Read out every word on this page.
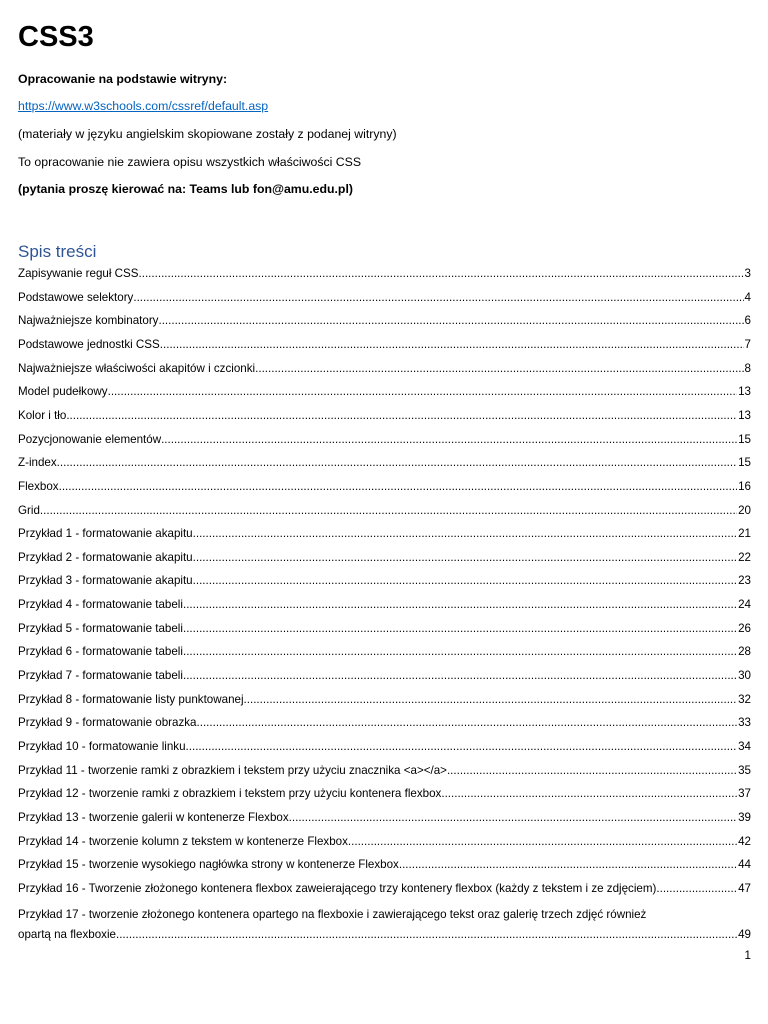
CSS3
Opracowanie na podstawie witryny:
https://www.w3schools.com/cssref/default.asp
(materiały w języku angielskim skopiowane zostały z podanej witryny)
To opracowanie nie zawiera opisu wszystkich właściwości CSS
(pytania proszę kierować na: Teams lub fon@amu.edu.pl)
Spis treści
Zapisywanie reguł CSS .....	3
Podstawowe selektory .....	4
Najważniejsze kombinatory .....	6
Podstawowe jednostki CSS .....	7
Najważniejsze właściwości akapitów i czcionki .....	8
Model pudełkowy .....	13
Kolor i tło .....	13
Pozycjonowanie elementów .....	15
Z-index .....	15
Flexbox .....	16
Grid .....	20
Przykład 1 - formatowanie akapitu .....	21
Przykład 2 - formatowanie akapitu .....	22
Przykład 3 - formatowanie akapitu .....	23
Przykład 4 - formatowanie tabeli .....	24
Przykład 5 - formatowanie tabeli .....	26
Przykład 6 - formatowanie tabeli .....	28
Przykład 7 - formatowanie tabeli .....	30
Przykład 8 - formatowanie listy punktowanej .....	32
Przykład 9 - formatowanie obrazka .....	33
Przykład 10 - formatowanie linku .....	34
Przykład 11 - tworzenie ramki z obrazkiem i tekstem przy użyciu znacznika <a></a> .....	35
Przykład 12 - tworzenie ramki z obrazkiem i tekstem przy użyciu kontenera flexbox .....	37
Przykład 13 - tworzenie galerii w kontenerze Flexbox .....	39
Przykład 14 - tworzenie kolumn z tekstem w kontenerze Flexbox .....	42
Przykład 15 - tworzenie wysokiego nagłówka strony w kontenerze Flexbox .....	44
Przykład 16 - Tworzenie złożonego kontenera flexbox zaweierającego trzy kontenery flexbox (każdy z tekstem i ze zdjęciem) .....	47
Przykład 17 - tworzenie złożonego kontenera opartego na flexboxie i zawierającego tekst oraz galerię trzech zdjęć również
opartą na flexboxie .....	49
1
